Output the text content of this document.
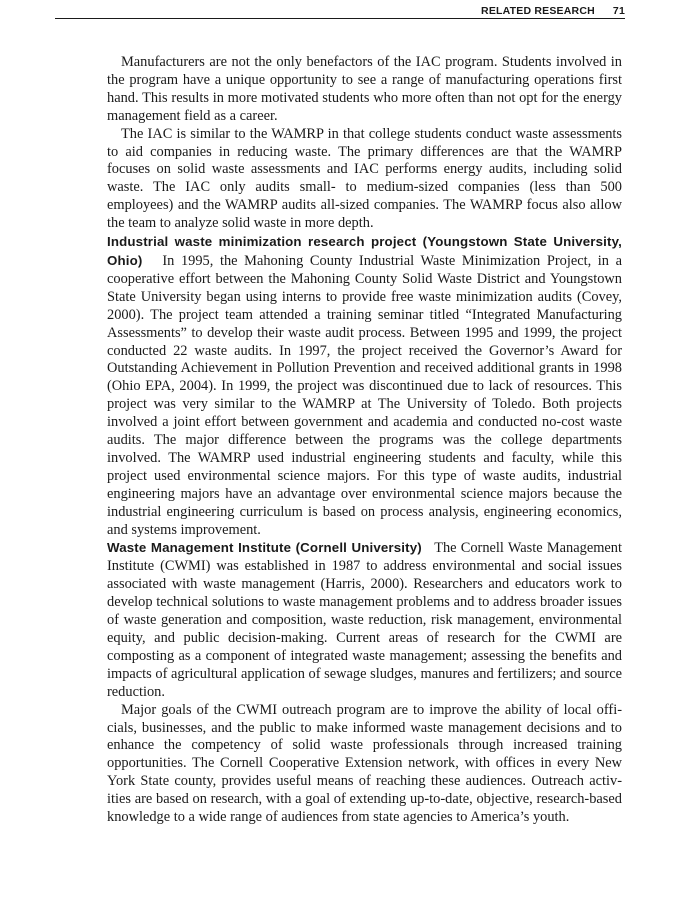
RELATED RESEARCH 71

Manufacturers are not the only benefactors of the IAC program. Students involved in the program have a unique opportunity to see a range of manufacturing operations first hand. This results in more motivated students who more often than not opt for the energy management field as a career.

The IAC is similar to the WAMRP in that college students conduct waste assessments to aid companies in reducing waste. The primary differences are that the WAMRP focuses on solid waste assessments and IAC performs energy audits, including solid waste. The IAC only audits small- to medium-sized companies (less than 500 employees) and the WAMRP audits all-sized companies. The WAMRP focus also allow the team to analyze solid waste in more depth.

Industrial waste minimization research project (Youngstown State University, Ohio) In 1995, the Mahoning County Industrial Waste Minimization Project, in a cooperative effort between the Mahoning County Solid Waste District and Youngstown State University began using interns to provide free waste minimization audits (Covey, 2000). The project team attended a training seminar titled “Integrated Manufacturing Assessments” to develop their waste audit process. Between 1995 and 1999, the project conducted 22 waste audits. In 1997, the project received the Governor’s Award for Outstanding Achievement in Pollution Prevention and received additional grants in 1998 (Ohio EPA, 2004). In 1999, the project was discontinued due to lack of resources. This project was very similar to the WAMRP at The University of Toledo. Both projects involved a joint effort between government and academia and conducted no-cost waste audits. The major difference between the programs was the college departments involved. The WAMRP used industrial engineering students and faculty, while this project used environmental science majors. For this type of waste audits, industrial engineering majors have an advantage over environmental science majors because the industrial engineering curriculum is based on process analysis, engineering economics, and systems improvement.

Waste Management Institute (Cornell University) The Cornell Waste Management Institute (CWMI) was established in 1987 to address environmental and social issues associated with waste management (Harris, 2000). Researchers and educators work to develop technical solutions to waste management problems and to address broader issues of waste generation and composition, waste reduction, risk management, environmental equity, and public decision-making. Current areas of research for the CWMI are composting as a component of integrated waste management; assessing the benefits and impacts of agricultural application of sewage sludges, manures and fertilizers; and source reduction.

Major goals of the CWMI outreach program are to improve the ability of local officials, businesses, and the public to make informed waste management decisions and to enhance the competency of solid waste professionals through increased training opportunities. The Cornell Cooperative Extension network, with offices in every New York State county, provides useful means of reaching these audiences. Outreach activities are based on research, with a goal of extending up-to-date, objective, research-based knowledge to a wide range of audiences from state agencies to America’s youth.
